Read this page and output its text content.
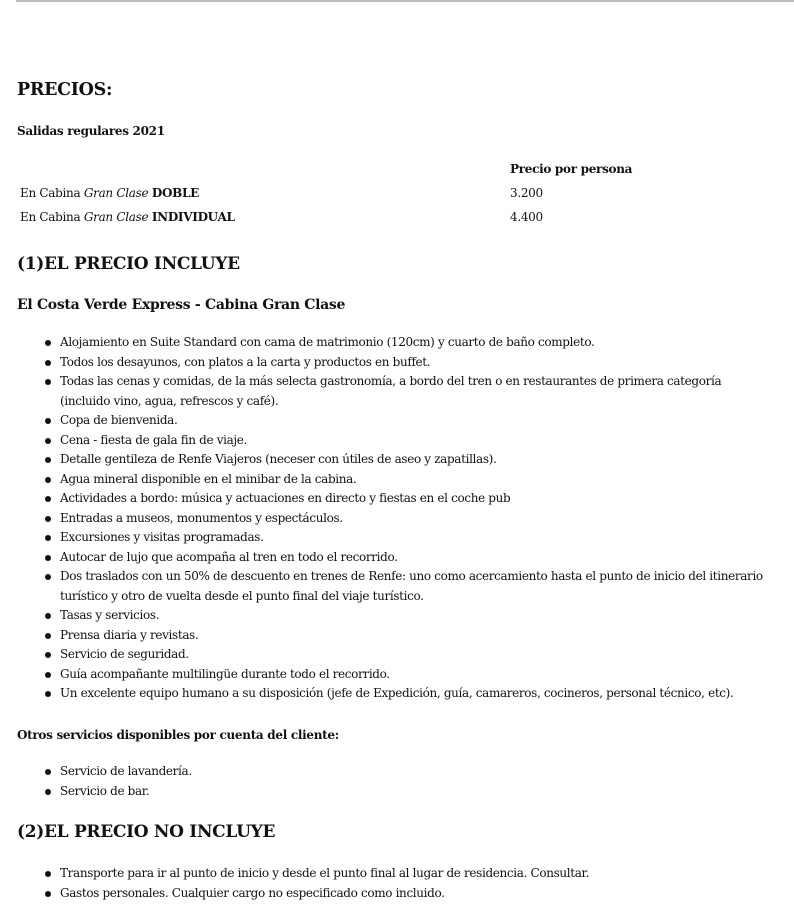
PRECIOS:
Salidas regulares 2021
Precio por persona
En Cabina Gran Clase DOBLE	3.200
En Cabina Gran Clase INDIVIDUAL	4.400
(1)EL PRECIO INCLUYE
El Costa Verde Express - Cabina Gran Clase
Alojamiento en Suite Standard con cama de matrimonio (120cm) y cuarto de baño completo.
Todos los desayunos, con platos a la carta y productos en buffet.
Todas las cenas y comidas, de la más selecta gastronomía, a bordo del tren o en restaurantes de primera categoría (incluido vino, agua, refrescos y café).
Copa de bienvenida.
Cena - fiesta de gala fin de viaje.
Detalle gentileza de Renfe Viajeros (neceser con útiles de aseo y zapatillas).
Agua mineral disponible en el minibar de la cabina.
Actividades a bordo: música y actuaciones en directo y fiestas en el coche pub
Entradas a museos, monumentos y espectáculos.
Excursiones y visitas programadas.
Autocar de lujo que acompaña al tren en todo el recorrido.
Dos traslados con un 50% de descuento en trenes de Renfe: uno como acercamiento hasta el punto de inicio del itinerario turístico y otro de vuelta desde el punto final del viaje turístico.
Tasas y servicios.
Prensa diaria y revistas.
Servicio de seguridad.
Guía acompañante multilingüe durante todo el recorrido.
Un excelente equipo humano a su disposición (jefe de Expedición, guía, camareros, cocineros, personal técnico, etc).
Otros servicios disponibles por cuenta del cliente:
Servicio de lavandería.
Servicio de bar.
(2)EL PRECIO NO INCLUYE
Transporte para ir al punto de inicio y desde el punto final al lugar de residencia. Consultar.
Gastos personales. Cualquier cargo no especificado como incluido.
